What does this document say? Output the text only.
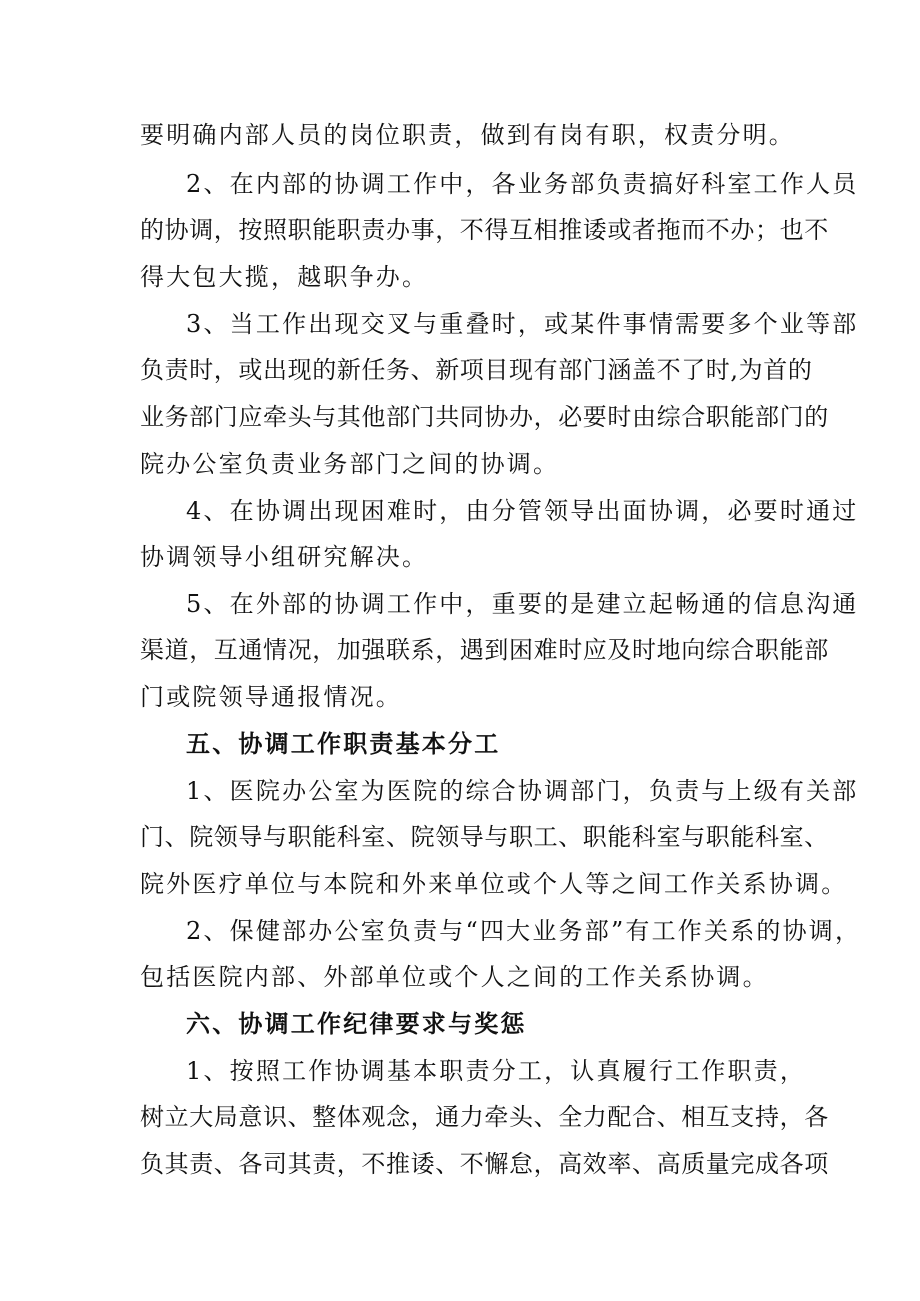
要明确内部人员的岗位职责，做到有岗有职，权责分明。
2、在内部的协调工作中，各业务部负责搞好科室工作人员
的协调，按照职能职责办事，不得互相推诿或者拖而不办；也不
得大包大揽，越职争办。
3、当工作出现交叉与重叠时，或某件事情需要多个业等部
负责时，或出现的新任务、新项目现有部门涵盖不了时,为首的
业务部门应牵头与其他部门共同协办，必要时由综合职能部门的
院办公室负责业务部门之间的协调。
4、在协调出现困难时，由分管领导出面协调，必要时通过
协调领导小组研究解决。
5、在外部的协调工作中，重要的是建立起畅通的信息沟通
渠道，互通情况，加强联系，遇到困难时应及时地向综合职能部
门或院领导通报情况。
五、协调工作职责基本分工
1、医院办公室为医院的综合协调部门，负责与上级有关部
门、院领导与职能科室、院领导与职工、职能科室与职能科室、
院外医疗单位与本院和外来单位或个人等之间工作关系协调。
2、保健部办公室负责与“四大业务部”有工作关系的协调，
包括医院内部、外部单位或个人之间的工作关系协调。
六、协调工作纪律要求与奖惩
1、按照工作协调基本职责分工，认真履行工作职责，
树立大局意识、整体观念，通力牵头、全力配合、相互支持，各
负其责、各司其责，不推诿、不懈怠，高效率、高质量完成各项
